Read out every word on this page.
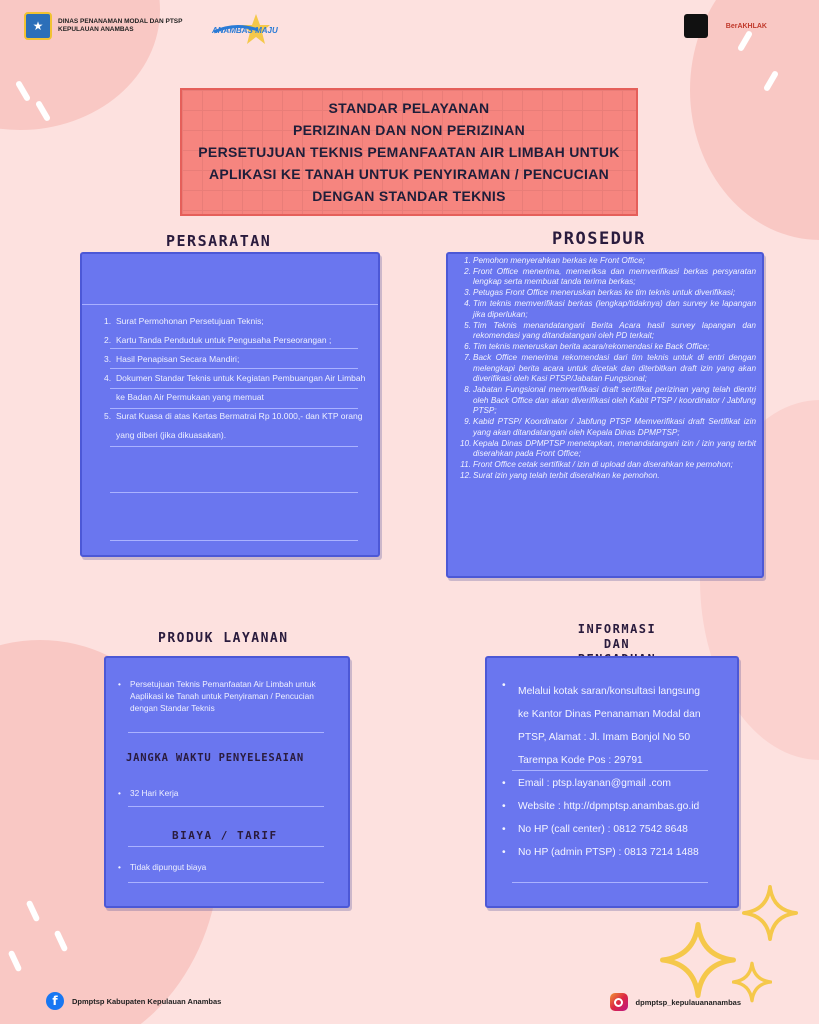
★	DINAS PENANAMAN MODAL DAN PTSP
KEPULAUAN ANAMBAS	ANAMBAS MAJU	BerAKHLAK
STANDAR PELAYANAN
PERIZINAN DAN NON PERIZINAN
PERSETUJUAN TEKNIS PEMANFAATAN AIR LIMBAH UNTUK
APLIKASI KE TANAH UNTUK PENYIRAMAN / PENCUCIAN
DENGAN STANDAR TEKNIS
PERSARATAN
1. Surat Permohonan Persetujuan Teknis;
2. Kartu Tanda Penduduk untuk Pengusaha Perseorangan ;
3. Hasil Penapisan Secara Mandiri;
4. Dokumen Standar Teknis untuk Kegiatan Pembuangan Air Limbah ke Badan Air Permukaan yang memuat
5. Surat Kuasa di atas Kertas Bermatrai Rp 10.000,- dan KTP orang yang diberi (jika dikuasakan).
PROSEDUR
1. Pemohon menyerahkan berkas ke Front Office;
2. Front Office menerima, memeriksa dan memverifikasi berkas persyaratan lengkap serta membuat tanda terima berkas;
3. Petugas Front Office meneruskan berkas ke tim teknis untuk diverifikasi;
4. Tim teknis memverifikasi berkas (lengkap/tidaknya) dan survey ke lapangan jika diperlukan;
5. Tim Teknis menandatangani Berita Acara hasil survey lapangan dan rekomendasi yang ditandatangani oleh PD terkait;
6. Tim teknis meneruskan berita acara/rekomendasi ke Back Office;
7. Back Office menerima rekomendasi dari tim teknis untuk di entri dengan melengkapi berita acara untuk dicetak dan diterbitkan draft izin yang akan diverifikasi oleh Kasi PTSP/Jabatan Fungsional;
8. Jabatan Fungsional memverifikasi draft sertifikat perizinan yang telah dientri oleh Back Office dan akan diverifikasi oleh Kabit PTSP / koordinator / Jabfung PTSP;
9. Kabid PTSP/ Koordinator / Jabfung PTSP Memverifikasi draft Sertifikat izin yang akan ditandatangani oleh Kepala Dinas DPMPTSP;
10. Kepala Dinas DPMPTSP menetapkan, menandatangani izin / izin yang terbit diserahkan pada Front Office;
11. Front Office cetak sertifikat / izin di upload dan diserahkan ke pemohon;
12. Surat izin yang telah terbit diserahkan ke pemohon.
PRODUK LAYANAN
• Persetujuan Teknis Pemanfaatan Air Limbah untuk Aaplikasi ke Tanah untuk Penyiraman / Pencucian dengan Standar Teknis
JANGKA WAKTU PENYELESAIAN
• 32 Hari Kerja
BIAYA / TARIF
• Tidak dipungut biaya
INFORMASI DAN
•
Melalui kotak saran/konsultasi langsung
ke Kantor Dinas Penanaman Modal dan
PTSP, Alamat : Jl. Imam Bonjol No 50
Tarempa Kode Pos : 29791
•	Email : ptsp.layanan@gmail .com
•	Website : http://dpmptsp.anambas.go.id
•	No HP (call center) : 0812 7542 8648
•	No HP (admin PTSP) : 0813 7214 1488
f	Dpmptsp Kabupaten Kepulauan Anambas	dpmptsp_kepulauananambas
